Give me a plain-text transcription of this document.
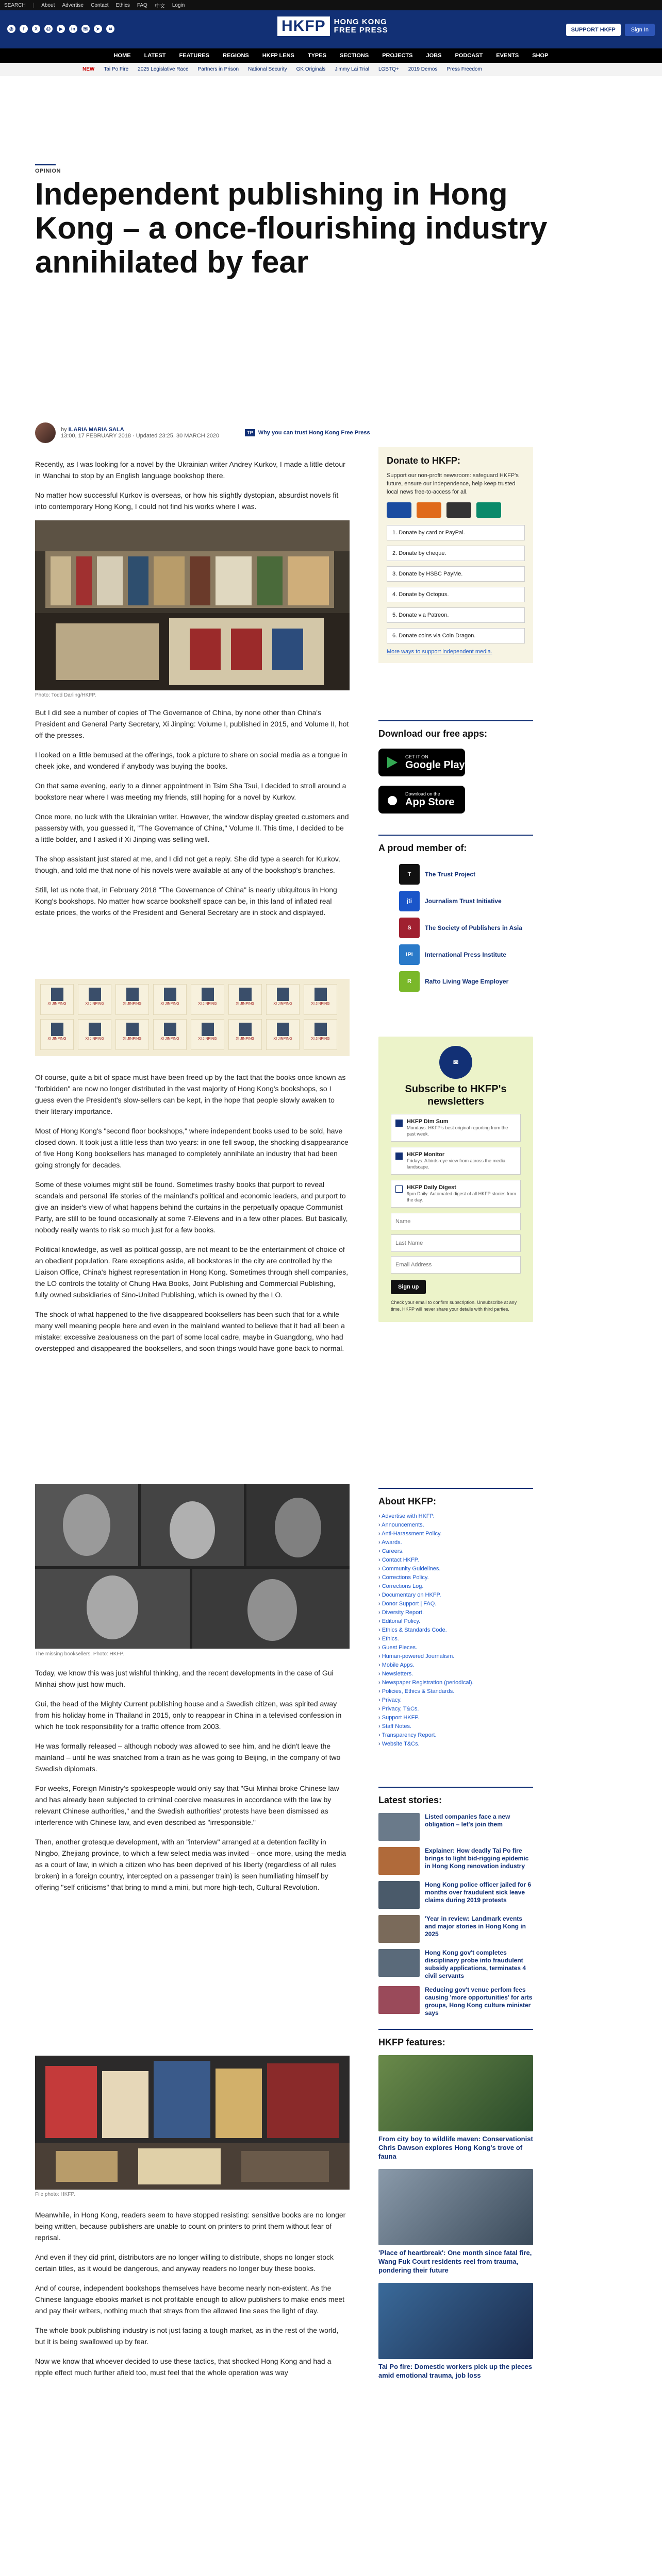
SEARCH | About Advertise Contact Ethics FAQ 中文 Login
◎	f	X	@	▶	in	☏	➤	≋	HKFP	HONG KONG
FREE PRESS	SUPPORT HKFP	Sign In
HOME LATEST FEATURES REGIONS HKFP LENS TYPES SECTIONS PROJECTS JOBS PODCAST EVENTS SHOP
NEW Tai Po Fire 2025 Legislative Race Partners in Prison National Security GK Originals Jimmy Lai Trial LGBTQ+ 2019 Demos Press Freedom
OPINION
Independent publishing in Hong Kong – a once-flourishing industry annihilated by fear
by ILARIA MARIA SALA
13:00, 17 FEBRUARY 2018 · Updated 23:25, 30 MARCH 2020	TP Why you can trust Hong Kong Free Press

Recently, as I was looking for a novel by the Ukrainian writer Andrey Kurkov, I made a little detour in Wanchai to stop by an English language bookshop there.

No matter how successful Kurkov is overseas, or how his slightly dystopian, absurdist novels fit into contemporary Hong Kong, I could not find his works where I was.

Photo: Todd Darling/HKFP.

But I did see a number of copies of The Governance of China, by none other than China's President and General Party Secretary, Xi Jinping: Volume I, published in 2015, and Volume II, hot off the presses.

I looked on a little bemused at the offerings, took a picture to share on social media as a tongue in cheek joke, and wondered if anybody was buying the books.

On that same evening, early to a dinner appointment in Tsim Sha Tsui, I decided to stroll around a bookstore near where I was meeting my friends, still hoping for a novel by Kurkov.

Once more, no luck with the Ukrainian writer. However, the window display greeted customers and passersby with, you guessed it, "The Governance of China," Volume II. This time, I decided to be a little bolder, and I asked if Xi Jinping was selling well.

The shop assistant just stared at me, and I did not get a reply. She did type a search for Kurkov, though, and told me that none of his novels were available at any of the bookshop's branches.

Still, let us note that, in February 2018 "The Governance of China" is nearly ubiquitous in Hong Kong's bookshops. No matter how scarce bookshelf space can be, in this land of inflated real estate prices, the works of the President and General Secretary are in stock and displayed.

XI JINPING	XI JINPING	XI JINPING	XI JINPING	XI JINPING	XI JINPING	XI JINPING	XI JINPING
XI JINPING	XI JINPING	XI JINPING	XI JINPING	XI JINPING	XI JINPING	XI JINPING	XI JINPING

Of course, quite a bit of space must have been freed up by the fact that the books once known as "forbidden" are now no longer distributed in the vast majority of Hong Kong's bookshops, so I guess even the President's slow-sellers can be kept, in the hope that people slowly awaken to their literary importance.

Most of Hong Kong's "second floor bookshops," where independent books used to be sold, have closed down. It took just a little less than two years: in one fell swoop, the shocking disappearance of five Hong Kong booksellers has managed to completely annihilate an industry that had been going strongly for decades.

Some of these volumes might still be found. Sometimes trashy books that purport to reveal scandals and personal life stories of the mainland's political and economic leaders, and purport to give an insider's view of what happens behind the curtains in the perpetually opaque Communist Party, are still to be found occasionally at some 7-Elevens and in a few other places. But basically, nobody really wants to risk so much just for a few books.

Political knowledge, as well as political gossip, are not meant to be the entertainment of choice of an obedient population. Rare exceptions aside, all bookstores in the city are controlled by the Liaison Office, China's highest representation in Hong Kong. Sometimes through shell companies, the LO controls the totality of Chung Hwa Books, Joint Publishing and Commercial Publishing, fully owned subsidiaries of Sino-United Publishing, which is owned by the LO.

The shock of what happened to the five disappeared booksellers has been such that for a while many well meaning people here and even in the mainland wanted to believe that it had all been a mistake: excessive zealousness on the part of some local cadre, maybe in Guangdong, who had overstepped and disappeared the booksellers, and soon things would have gone back to normal.

The missing booksellers. Photo: HKFP.

Today, we know this was just wishful thinking, and the recent developments in the case of Gui Minhai show just how much.

Gui, the head of the Mighty Current publishing house and a Swedish citizen, was spirited away from his holiday home in Thailand in 2015, only to reappear in China in a televised confession in which he took responsibility for a traffic offence from 2003.

He was formally released – although nobody was allowed to see him, and he didn't leave the mainland – until he was snatched from a train as he was going to Beijing, in the company of two Swedish diplomats.

For weeks, Foreign Ministry's spokespeople would only say that "Gui Minhai broke Chinese law and has already been subjected to criminal coercive measures in accordance with the law by relevant Chinese authorities," and the Swedish authorities' protests have been dismissed as interference with Chinese law, and even described as "irresponsible."

Then, another grotesque development, with an "interview" arranged at a detention facility in Ningbo, Zhejiang province, to which a few select media was invited – once more, using the media as a court of law, in which a citizen who has been deprived of his liberty (regardless of all rules broken) in a foreign country, intercepted on a passenger train) is seen humiliating himself by offering "self criticisms" that bring to mind a mini, but more high-tech, Cultural Revolution.

File photo: HKFP.

Meanwhile, in Hong Kong, readers seem to have stopped resisting: sensitive books are no longer being written, because publishers are unable to count on printers to print them without fear of reprisal.

And even if they did print, distributors are no longer willing to distribute, shops no longer stock certain titles, as it would be dangerous, and anyway readers no longer buy these books.

And of course, independent bookshops themselves have become nearly non-existent. As the Chinese language ebooks market is not profitable enough to allow publishers to make ends meet and pay their writers, nothing much that strays from the allowed line sees the light of day.

The whole book publishing industry is not just facing a tough market, as in the rest of the world, but it is being swallowed up by fear.

Now we know that whoever decided to use these tactics, that shocked Hong Kong and had a ripple effect much further afield too, must feel that the whole operation was way

Donate to HKFP:

Support our non-profit newsroom: safeguard HKFP's future, ensure our independence, help keep trusted local news free-to-access for all.

1. Donate by card or PayPal.
2. Donate by cheque.
3. Donate by HSBC PayMe.
4. Donate by Octopus.
5. Donate via Patreon.
6. Donate coins via Coin Dragon.
More ways to support independent media.
Download our free apps:
GET IT ON
Google Play
Download on the
App Store
A proud member of:
T	The Trust Project
jti	Journalism Trust Initiative
S	The Society of Publishers in Asia
IPI	International Press Institute
R	Rafto Living Wage Employer
✉
Subscribe to HKFP's newsletters
HKFP Dim Sum
Mondays: HKFP's best original reporting from the past week.
HKFP Monitor
Fridays: A birds-eye view from across the media landscape.
HKFP Daily Digest
9pm Daily: Automated digest of all HKFP stories from the day.
Name Last Name Email Address
Sign up
Check your email to confirm subscription. Unsubscribe at any time. HKFP will never share your details with third parties.
About HKFP:
› Advertise with HKFP.
› Announcements.
› Anti-Harassment Policy.
› Awards.
› Careers.
› Contact HKFP.
› Community Guidelines.
› Corrections Policy.
› Corrections Log.
› Documentary on HKFP.
› Donor Support | FAQ.
› Diversity Report.
› Editorial Policy.
› Ethics & Standards Code.
› Ethics.
› Guest Pieces.
› Human-powered Journalism.
› Mobile Apps.
› Newsletters.
› Newspaper Registration (periodical).
› Policies, Ethics & Standards.
› Privacy.
› Privacy, T&Cs.
› Support HKFP.
› Staff Notes.
› Transparency Report.
› Website T&Cs.
Latest stories:
Listed companies face a new obligation – let's join them
Explainer: How deadly Tai Po fire brings to light bid-rigging epidemic in Hong Kong renovation industry
Hong Kong police officer jailed for 6 months over fraudulent sick leave claims during 2019 protests
'Year in review: Landmark events and major stories in Hong Kong in 2025
Hong Kong gov't completes disciplinary probe into fraudulent subsidy applications, terminates 4 civil servants
Reducing gov't venue perfom fees causing 'more opportunities' for arts groups, Hong Kong culture minister says
HKFP features:
From city boy to wildlife maven: Conservationist Chris Dawson explores Hong Kong's trove of fauna
'Place of heartbreak': One month since fatal fire, Wang Fuk Court residents reel from trauma, pondering their future
Tai Po fire: Domestic workers pick up the pieces amid emotional trauma, job loss
